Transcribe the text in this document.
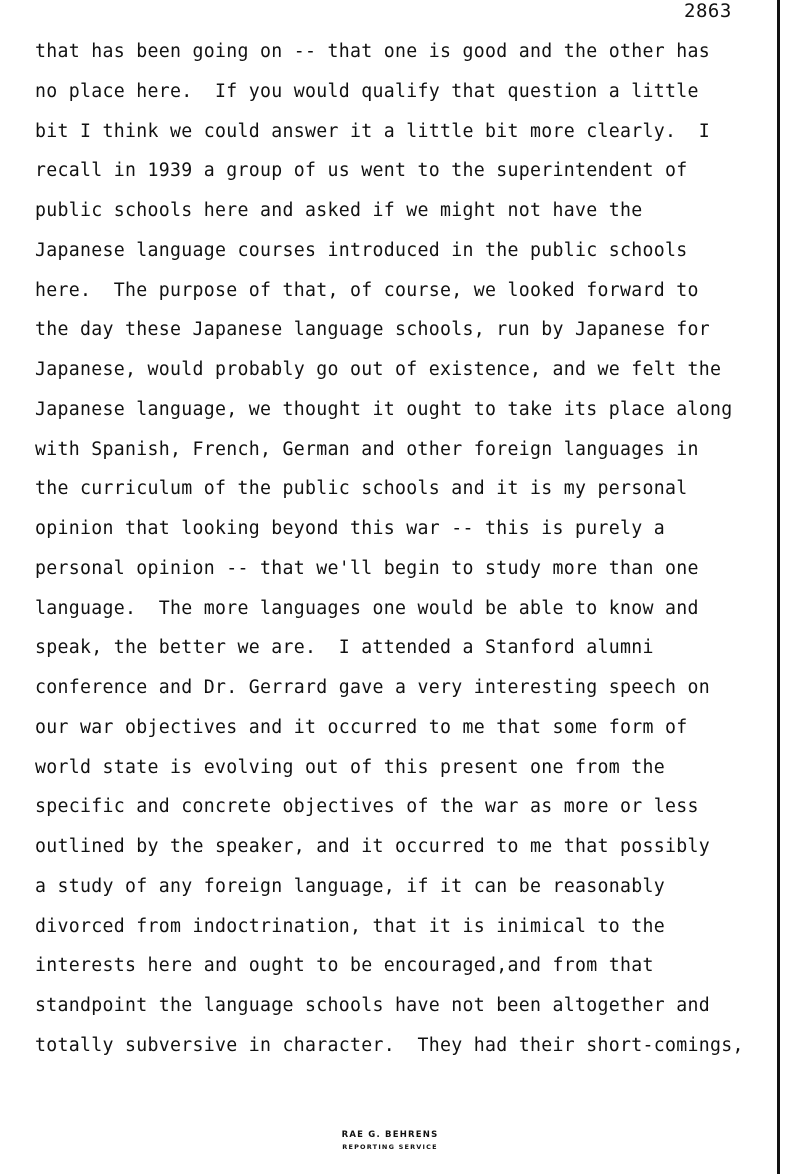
2863
that has been going on -- that one is good and the other has
no place here.  If you would qualify that question a little
bit I think we could answer it a little bit more clearly.  I
recall in 1939 a group of us went to the superintendent of
public schools here and asked if we might not have the
Japanese language courses introduced in the public schools
here.  The purpose of that, of course, we looked forward to
the day these Japanese language schools, run by Japanese for
Japanese, would probably go out of existence, and we felt the
Japanese language, we thought it ought to take its place along
with Spanish, French, German and other foreign languages in
the curriculum of the public schools and it is my personal
opinion that looking beyond this war -- this is purely a
personal opinion -- that we'll begin to study more than one
language.  The more languages one would be able to know and
speak, the better we are.  I attended a Stanford alumni
conference and Dr. Gerrard gave a very interesting speech on
our war objectives and it occurred to me that some form of
world state is evolving out of this present one from the
specific and concrete objectives of the war as more or less
outlined by the speaker, and it occurred to me that possibly
a study of any foreign language, if it can be reasonably
divorced from indoctrination, that it is inimical to the
interests here and ought to be encouraged,and from that
standpoint the language schools have not been altogether and
totally subversive in character.  They had their short-comings,
RAE G. BEHRENS
REPORTING SERVICE
